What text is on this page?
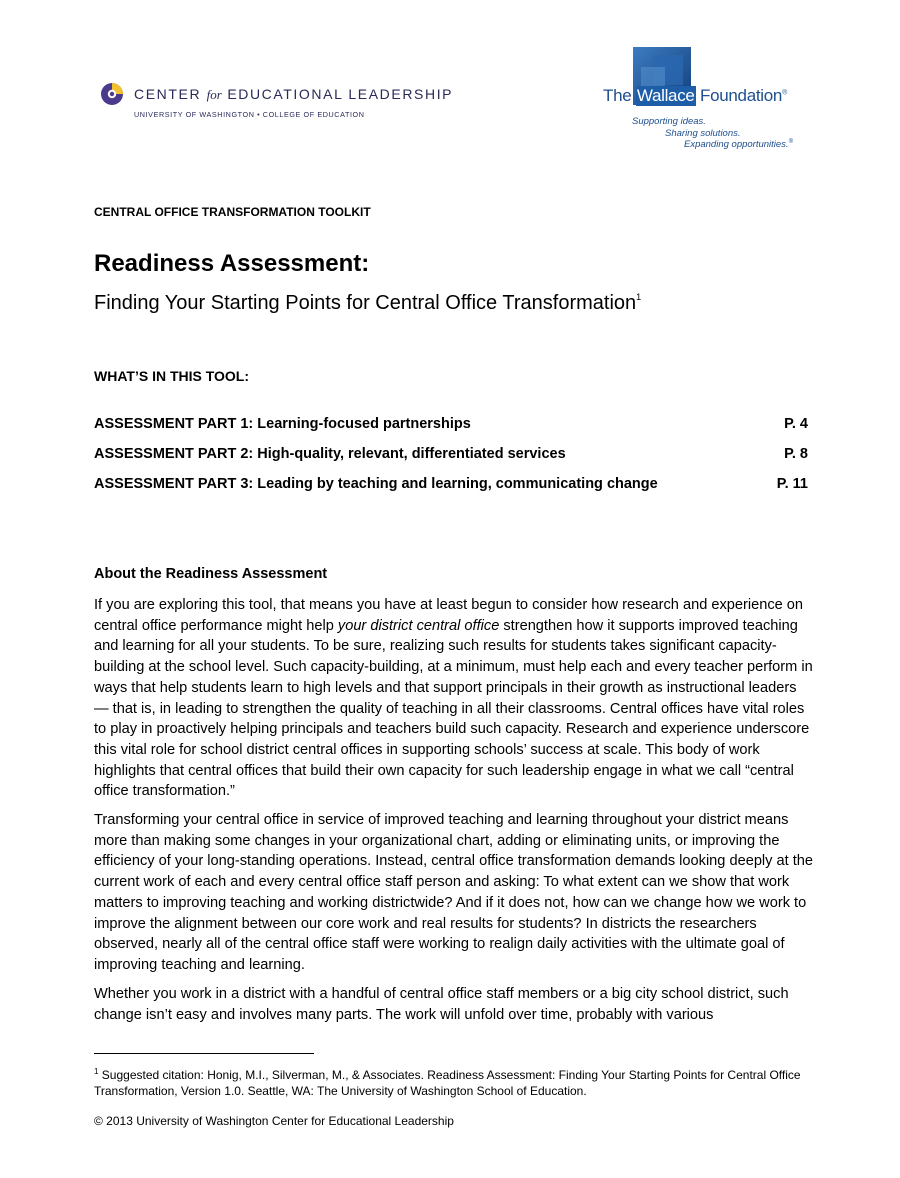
CENTER for EDUCATIONAL LEADERSHIP
UNIVERSITY OF WASHINGTON • COLLEGE OF EDUCATION
The Wallace Foundation®
Supporting ideas.
Sharing solutions.
Expanding opportunities.®
CENTRAL OFFICE TRANSFORMATION TOOLKIT
Readiness Assessment:
Finding Your Starting Points for Central Office Transformation$^1$
WHAT’S IN THIS TOOL:
ASSESSMENT PART 1: Learning-focused partnerships	P. 4
ASSESSMENT PART 2: High-quality, relevant, differentiated services	P. 8
ASSESSMENT PART 3: Leading by teaching and learning, communicating change	P. 11
About the Readiness Assessment

If you are exploring this tool, that means you have at least begun to consider how research and experience on central office performance might help your district central office strengthen how it supports improved teaching and learning for all your students. To be sure, realizing such results for students takes significant capacity-building at the school level. Such capacity-building, at a minimum, must help each and every teacher perform in ways that help students learn to high levels and that support principals in their growth as instructional leaders — that is, in leading to strengthen the quality of teaching in all their classrooms. Central offices have vital roles to play in proactively helping principals and teachers build such capacity. Research and experience underscore this vital role for school district central offices in supporting schools’ success at scale. This body of work highlights that central offices that build their own capacity for such leadership engage in what we call “central office transformation.”

Transforming your central office in service of improved teaching and learning throughout your district means more than making some changes in your organizational chart, adding or eliminating units, or improving the efficiency of your long-standing operations. Instead, central office transformation demands looking deeply at the current work of each and every central office staff person and asking: To what extent can we show that work matters to improving teaching and working districtwide? And if it does not, how can we change how we work to improve the alignment between our core work and real results for students? In districts the researchers observed, nearly all of the central office staff were working to realign daily activities with the ultimate goal of improving teaching and learning.

Whether you work in a district with a handful of central office staff members or a big city school district, such change isn’t easy and involves many parts. The work will unfold over time, probably with various

$^1$ Suggested citation: Honig, M.I., Silverman, M., & Associates. Readiness Assessment: Finding Your Starting Points for Central Office Transformation, Version 1.0. Seattle, WA: The University of Washington School of Education.

© 2013 University of Washington Center for Educational Leadership
